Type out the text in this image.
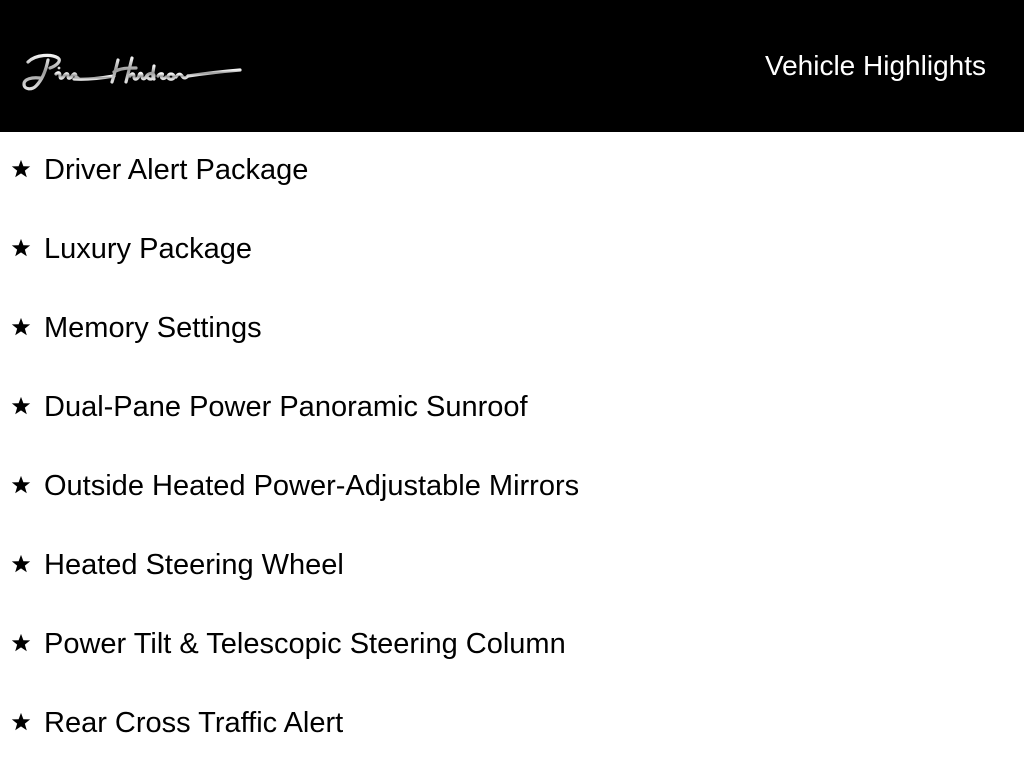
Vehicle Highlights
Driver Alert Package
Luxury Package
Memory Settings
Dual-Pane Power Panoramic Sunroof
Outside Heated Power-Adjustable Mirrors
Heated Steering Wheel
Power Tilt & Telescopic Steering Column
Rear Cross Traffic Alert
